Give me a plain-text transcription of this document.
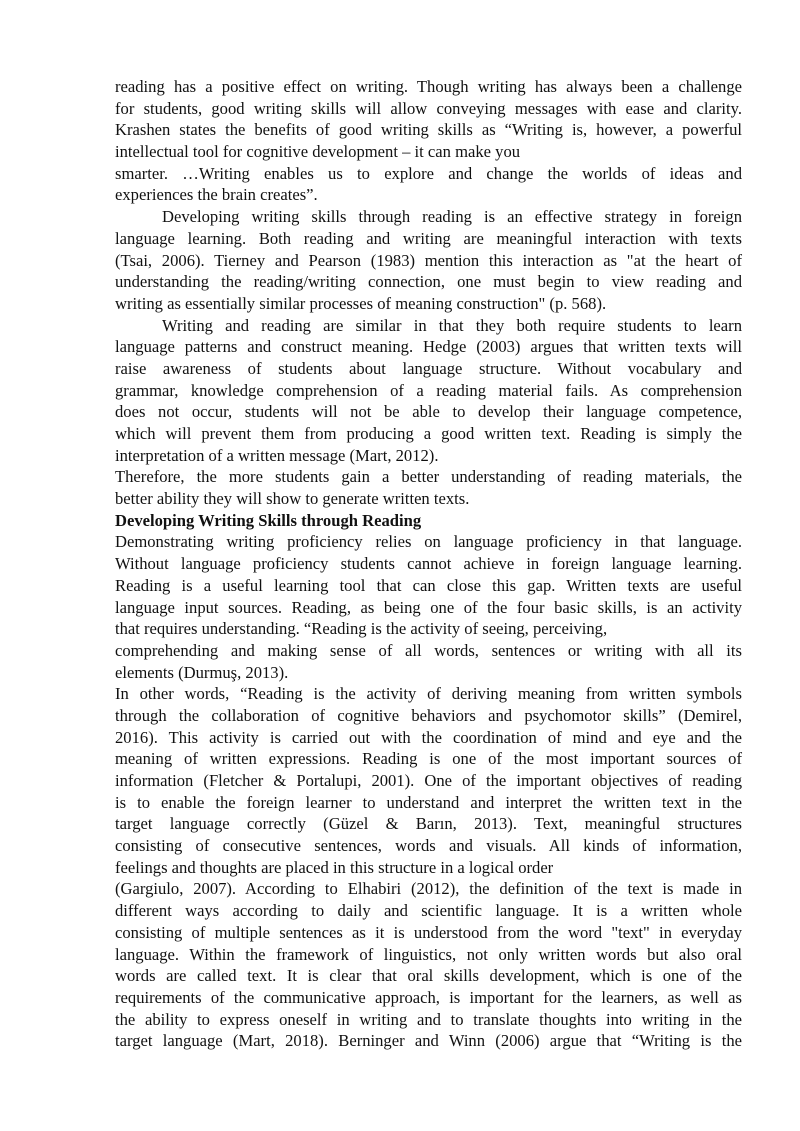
reading has a positive effect on writing. Though writing has always been a challenge
for students, good writing skills will allow conveying messages with ease and clarity.
Krashen states the benefits of good writing skills as “Writing is, however, a powerful
intellectual tool for cognitive development – it can make you
smarter. …Writing enables us to explore and change the worlds of ideas and
experiences the brain creates”.
Developing writing skills through reading is an effective strategy in foreign
language learning. Both reading and writing are meaningful interaction with texts
(Tsai, 2006). Tierney and Pearson (1983) mention this interaction as "at the heart of
understanding the reading/writing connection, one must begin to view reading and
writing as essentially similar processes of meaning construction" (p. 568).
Writing and reading are similar in that they both require students to learn
language patterns and construct meaning. Hedge (2003) argues that written texts will
raise awareness of students about language structure. Without vocabulary and
grammar, knowledge comprehension of a reading material fails. As comprehension
does not occur, students will not be able to develop their language competence,
which will prevent them from producing a good written text. Reading is simply the
interpretation of a written message (Mart, 2012).
Therefore, the more students gain a better understanding of reading materials, the
better ability they will show to generate written texts.
Developing Writing Skills through Reading
Demonstrating writing proficiency relies on language proficiency in that language.
Without language proficiency students cannot achieve in foreign language learning.
Reading is a useful learning tool that can close this gap. Written texts are useful
language input sources. Reading, as being one of the four basic skills, is an activity
that requires understanding. “Reading is the activity of seeing, perceiving,
comprehending and making sense of all words, sentences or writing with all its
elements (Durmuş, 2013).
In other words, “Reading is the activity of deriving meaning from written symbols
through the collaboration of cognitive behaviors and psychomotor skills” (Demirel,
2016). This activity is carried out with the coordination of mind and eye and the
meaning of written expressions. Reading is one of the most important sources of
information (Fletcher & Portalupi, 2001). One of the important objectives of reading
is to enable the foreign learner to understand and interpret the written text in the
target language correctly (Güzel & Barın, 2013). Text, meaningful structures
consisting of consecutive sentences, words and visuals. All kinds of information,
feelings and thoughts are placed in this structure in a logical order
(Gargiulo, 2007). According to Elhabiri (2012), the definition of the text is made in
different ways according to daily and scientific language. It is a written whole
consisting of multiple sentences as it is understood from the word "text" in everyday
language. Within the framework of linguistics, not only written words but also oral
words are called text. It is clear that oral skills development, which is one of the
requirements of the communicative approach, is important for the learners, as well as
the ability to express oneself in writing and to translate thoughts into writing in the
target language (Mart, 2018). Berninger and Winn (2006) argue that “Writing is the
